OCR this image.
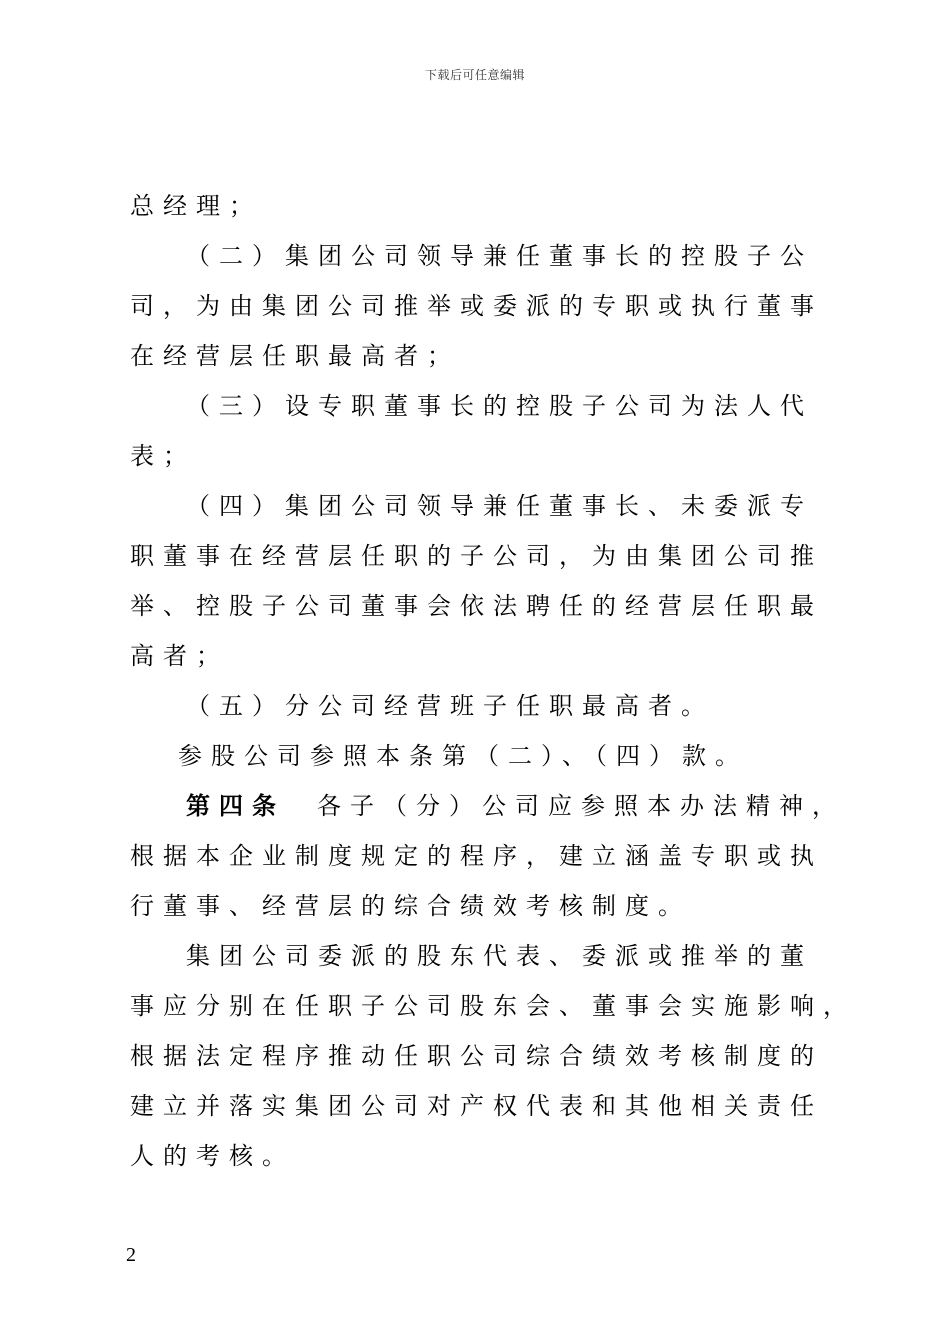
下载后可任意编辑
总经理；
（二）集团公司领导兼任董事长的控股子公
司，为由集团公司推举或委派的专职或执行董事
在经营层任职最高者；
（三）设专职董事长的控股子公司为法人代
表；
（四）集团公司领导兼任董事长、未委派专
职董事在经营层任职的子公司，为由集团公司推
举、控股子公司董事会依法聘任的经营层任职最
高者；
（五）分公司经营班子任职最高者。
参股公司参照本条第（二）、（四）款。
第四条 各子（分）公司应参照本办法精神，
根据本企业制度规定的程序，建立涵盖专职或执
行董事、经营层的综合绩效考核制度。
集团公司委派的股东代表、委派或推举的董
事应分别在任职子公司股东会、董事会实施影响，
根据法定程序推动任职公司综合绩效考核制度的
建立并落实集团公司对产权代表和其他相关责任
人的考核。
2
